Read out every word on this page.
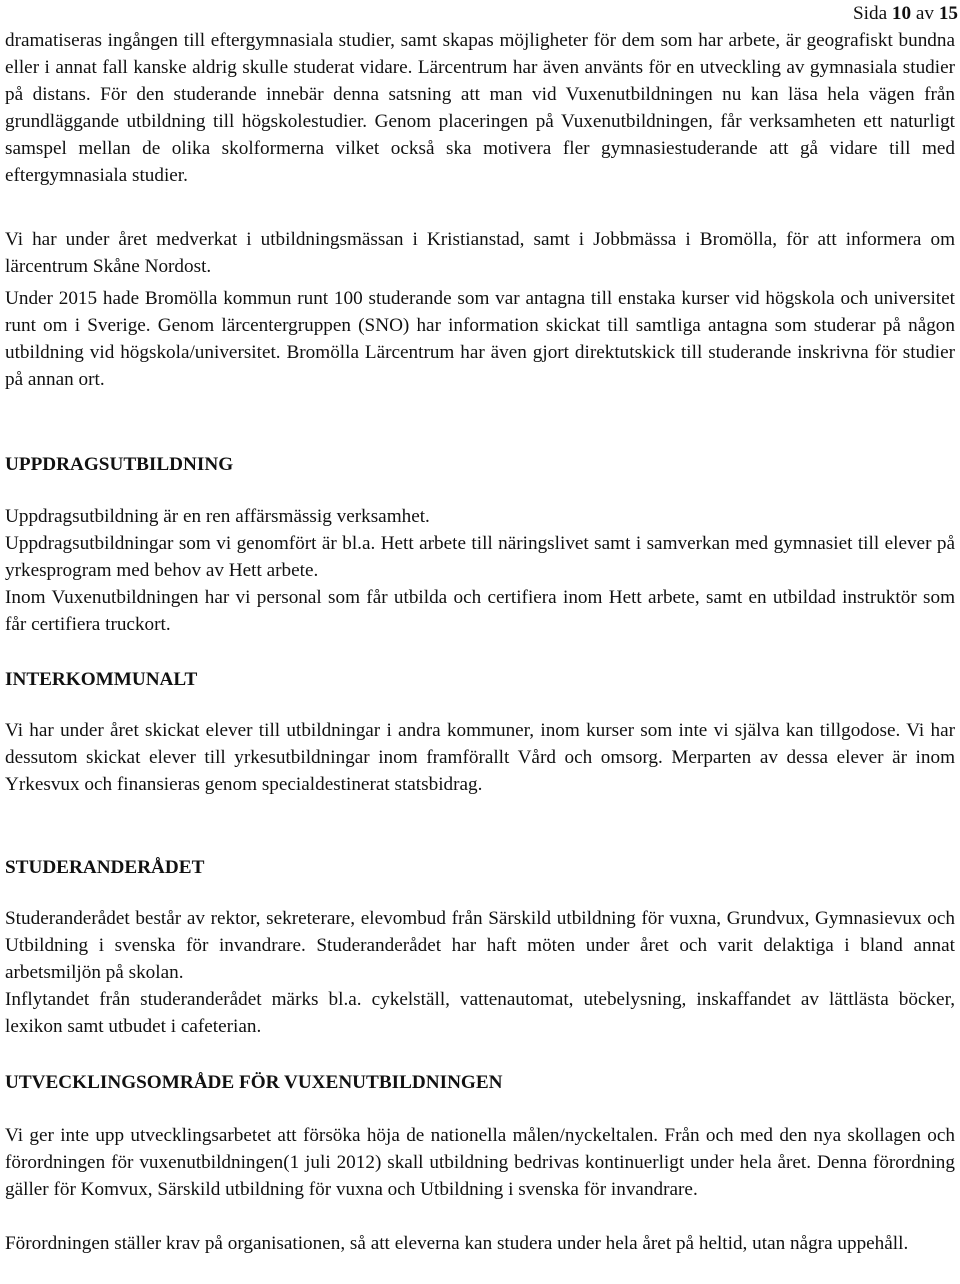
Sida 10 av 15

dramatiseras ingången till eftergymnasiala studier, samt skapas möjligheter för dem som har arbete, är geografiskt bundna eller i annat fall kanske aldrig skulle studerat vidare. Lärcentrum har även använts för en utveckling av gymnasiala studier på distans. För den studerande innebär denna satsning att man vid Vuxenutbildningen nu kan läsa hela vägen från grundläggande utbildning till högskolestudier. Genom placeringen på Vuxenutbildningen, får verksamheten ett naturligt samspel mellan de olika skolformerna vilket också ska motivera fler gymnasiestuderande att gå vidare till med eftergymnasiala studier.

Vi har under året medverkat i utbildningsmässan i Kristianstad, samt i Jobbmässa i Bromölla, för att informera om lärcentrum Skåne Nordost.

Under 2015 hade Bromölla kommun runt 100 studerande som var antagna till enstaka kurser vid högskola och universitet runt om i Sverige. Genom lärcentergruppen (SNO) har information skickat till samtliga antagna som studerar på någon utbildning vid högskola/universitet. Bromölla Lärcentrum har även gjort direktutskick till studerande inskrivna för studier på annan ort.

UPPDRAGSUTBILDNING

Uppdragsutbildning är en ren affärsmässig verksamhet.

Uppdragsutbildningar som vi genomfört är bl.a. Hett arbete till näringslivet samt i samverkan med gymnasiet till elever på yrkesprogram med behov av Hett arbete.

Inom Vuxenutbildningen har vi personal som får utbilda och certifiera inom Hett arbete, samt en utbildad instruktör som får certifiera truckort.

INTERKOMMUNALT

Vi har under året skickat elever till utbildningar i andra kommuner, inom kurser som inte vi själva kan tillgodose. Vi har dessutom skickat elever till yrkesutbildningar inom framförallt Vård och omsorg. Merparten av dessa elever är inom Yrkesvux och finansieras genom specialdestinerat statsbidrag.

STUDERANDERÅDET

Studeranderådet består av rektor, sekreterare, elevombud från Särskild utbildning för vuxna, Grundvux, Gymnasievux och Utbildning i svenska för invandrare. Studeranderådet har haft möten under året och varit delaktiga i bland annat arbetsmiljön på skolan.

Inflytandet från studeranderådet märks bl.a. cykelställ, vattenautomat, utebelysning, inskaffandet av lättlästa böcker, lexikon samt utbudet i cafeterian.

UTVECKLINGSOMRÅDE FÖR VUXENUTBILDNINGEN

Vi ger inte upp utvecklingsarbetet att försöka höja de nationella målen/nyckeltalen. Från och med den nya skollagen och förordningen för vuxenutbildningen(1 juli 2012) skall utbildning bedrivas kontinuerligt under hela året. Denna förordning gäller för Komvux, Särskild utbildning för vuxna och Utbildning i svenska för invandrare.

Förordningen ställer krav på organisationen, så att eleverna kan studera under hela året på heltid, utan några uppehåll.
